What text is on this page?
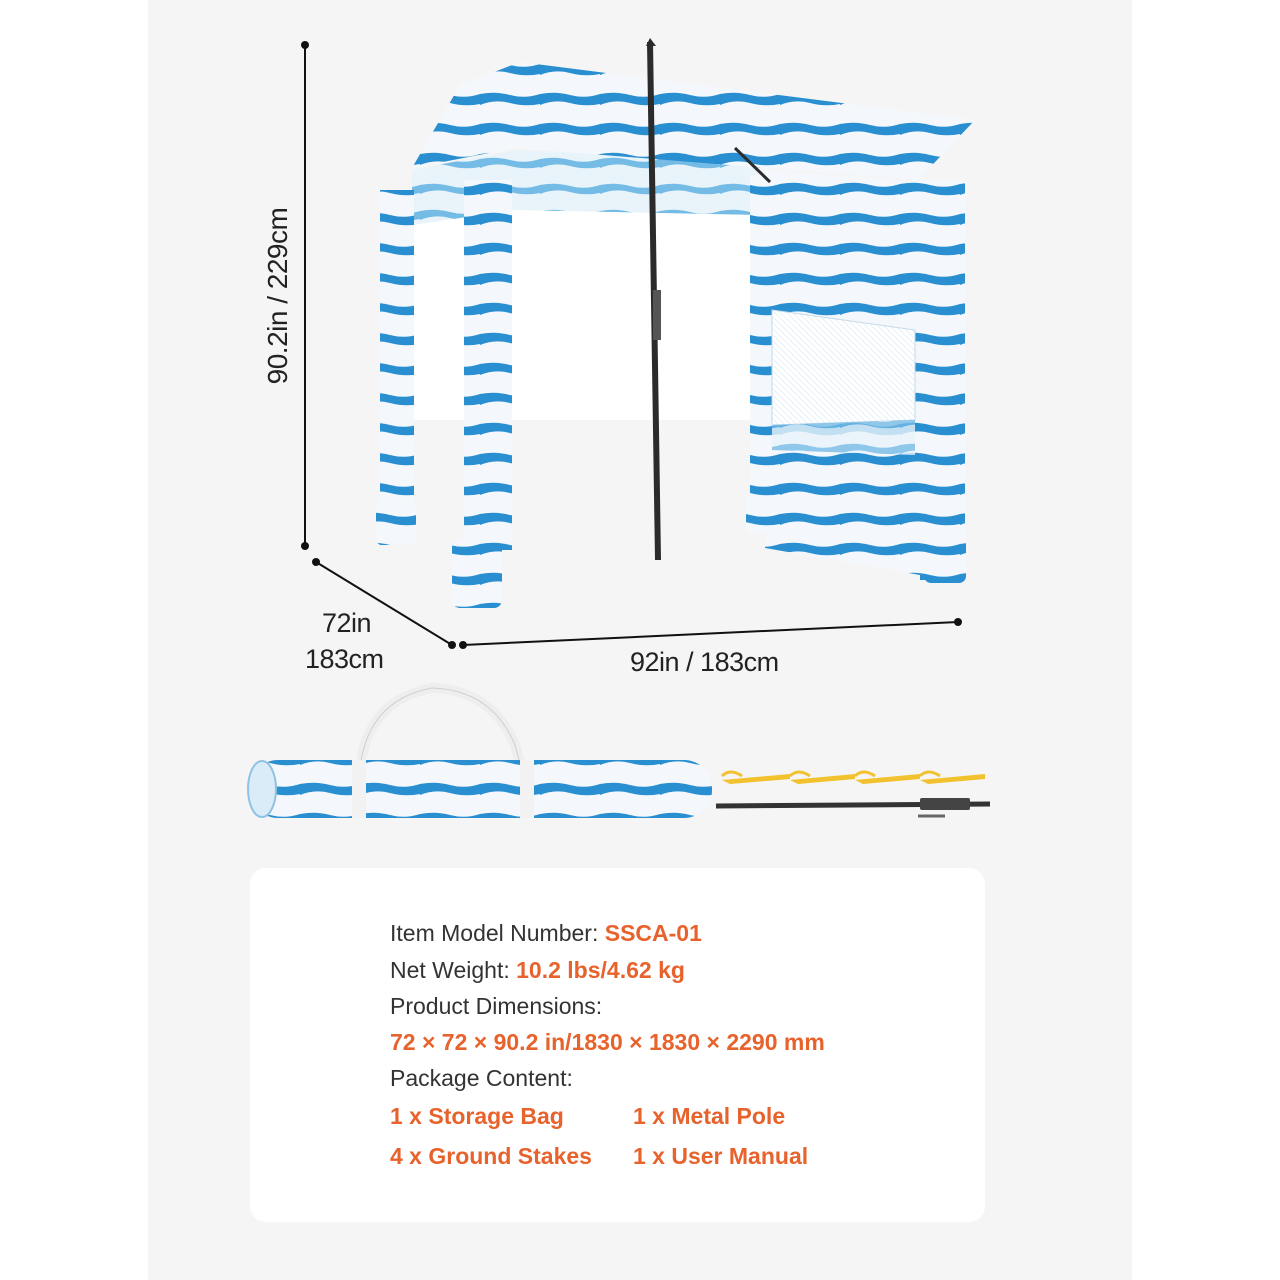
90.2in / 229cm
72in
183cm	92in / 183cm
Item Model Number: SSCA-01
Net Weight: 10.2 lbs/4.62 kg
Product Dimensions:
72 × 72 × 90.2 in/1830 × 1830 × 2290 mm
Package Content:
1 x Storage Bag	1 x Metal Pole
4 x Ground Stakes 1 x User Manual
